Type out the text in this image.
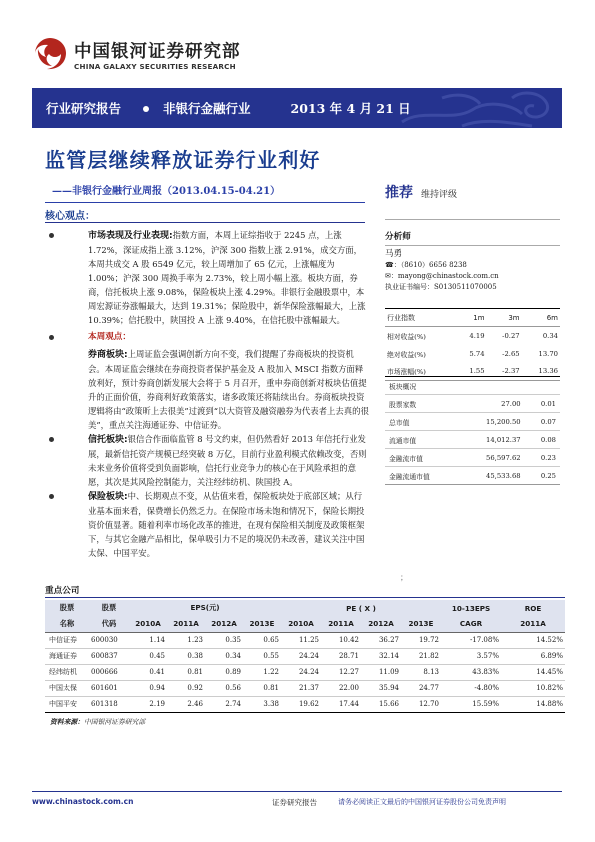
中国银河证券研究部
CHINA GALAXY SECURITIES RESEARCH
行业研究报告	非银行金融行业	2013 年 4 月 21 日
监管层继续释放证券行业利好
——非银行金融行业周报（2013.04.15-04.21）	推荐 维持评级
核心观点：
市场表现及行业表现:指数方面，本周上证综指收于 2245 点，上涨 1.72%，深证成指上涨 3.12%，沪深 300 指数上涨 2.91%，成交方面，本周共成交 A 股 6549 亿元，较上周增加了 65 亿元，上涨幅度为 1.00%；沪深 300 周换手率为 2.73%，较上周小幅上涨。板块方面，券商，信托板块上涨 9.08%，保险板块上涨 4.29%。非银行金融股票中，本周宏源证券涨幅最大，达到 19.31%；保险股中，新华保险涨幅最大，上涨 10.39%；信托股中，陕国投 A 上涨 9.40%，在信托股中涨幅最大。
本周观点：
券商板块:上周证监会强调创新方向不变，我们提醒了券商板块的投资机会。本周证监会继续在券商投资者保护基金及 A 股加入 MSCI 指数方面释放利好，预计券商创新发展大会将于 5 月召开，重申券商创新对板块估值提升的正面价值，券商利好政策落实，诸多政策还将陆续出台。券商板块投资逻辑将由“政策昕上去很美”过渡到“以大资管及融资融券为代表者上去真的很美”，重点关注海通证券、中信证券。
信托板块:银信合作面临监管 8 号文约束，但仍然看好 2013 年信托行业发展，最新信托资产规模已经突破 8 万亿，目前行业盈利模式依赖改变，否则未来业务价值将受到负面影响，信托行业竞争力的核心在于风险承担的意愿，其次是其风险控制能力，关注经纬纺机、陕国投 A。
保险板块:中、长期观点不变，从估值来看，保险板块处于底部区域；从行业基本面来看，保费增长仍然乏力。在保险市场未饱和情况下，保险长期投资价值显著。随着利率市场化改革的推进，在现有保险相关制度及政策框架下，与其它金融产品相比，保单吸引力不足的境况仍未改善，建议关注中国太保、中国平安。
分析师
马勇
☎：（8610）6656 8238
✉：mayong@chinastock.com.cn
执业证书编号：S0130511070005
行业指数	1m	3m	6m
相对收益(%)	4.19	-0.27	0.34
绝对收益(%)	5.74	-2.65	13.70
市场涨幅(%)	1.55	-2.37	13.36
板块概况		
股票家数	27.00	0.01
总市值	15,200.50	0.07
流通市值	14,012.37	0.08
金融流市值	56,597.62	0.23
金融流通市值	45,533.68	0.25
；
重点公司
股票	股票	EPS(元)				PE ( X )				10-13EPS	ROE
名称	代码	2010A	2011A	2012A	2013E	2010A	2011A	2012A	2013E	CAGR	2011A
中信证券	600030	1.14	1.23	0.35	0.65	11.25	10.42	36.27	19.72	-17.08%	14.52%
海通证券	600837	0.45	0.38	0.34	0.55	24.24	28.71	32.14	21.82	3.57%	6.89%
经纬纺机	000666	0.41	0.81	0.89	1.22	24.24	12.27	11.09	8.13	43.83%	14.45%
中国太保	601601	0.94	0.92	0.56	0.81	21.37	22.00	35.94	24.77	-4.80%	10.82%
中国平安	601318	2.19	2.46	2.74	3.38	19.62	17.44	15.66	12.70	15.59%	14.88%
资料来源：中国银河证券研究部
www.chinastock.com.cn	证券研究报告	请务必阅读正文最后的中国银河证券股份公司免责声明
